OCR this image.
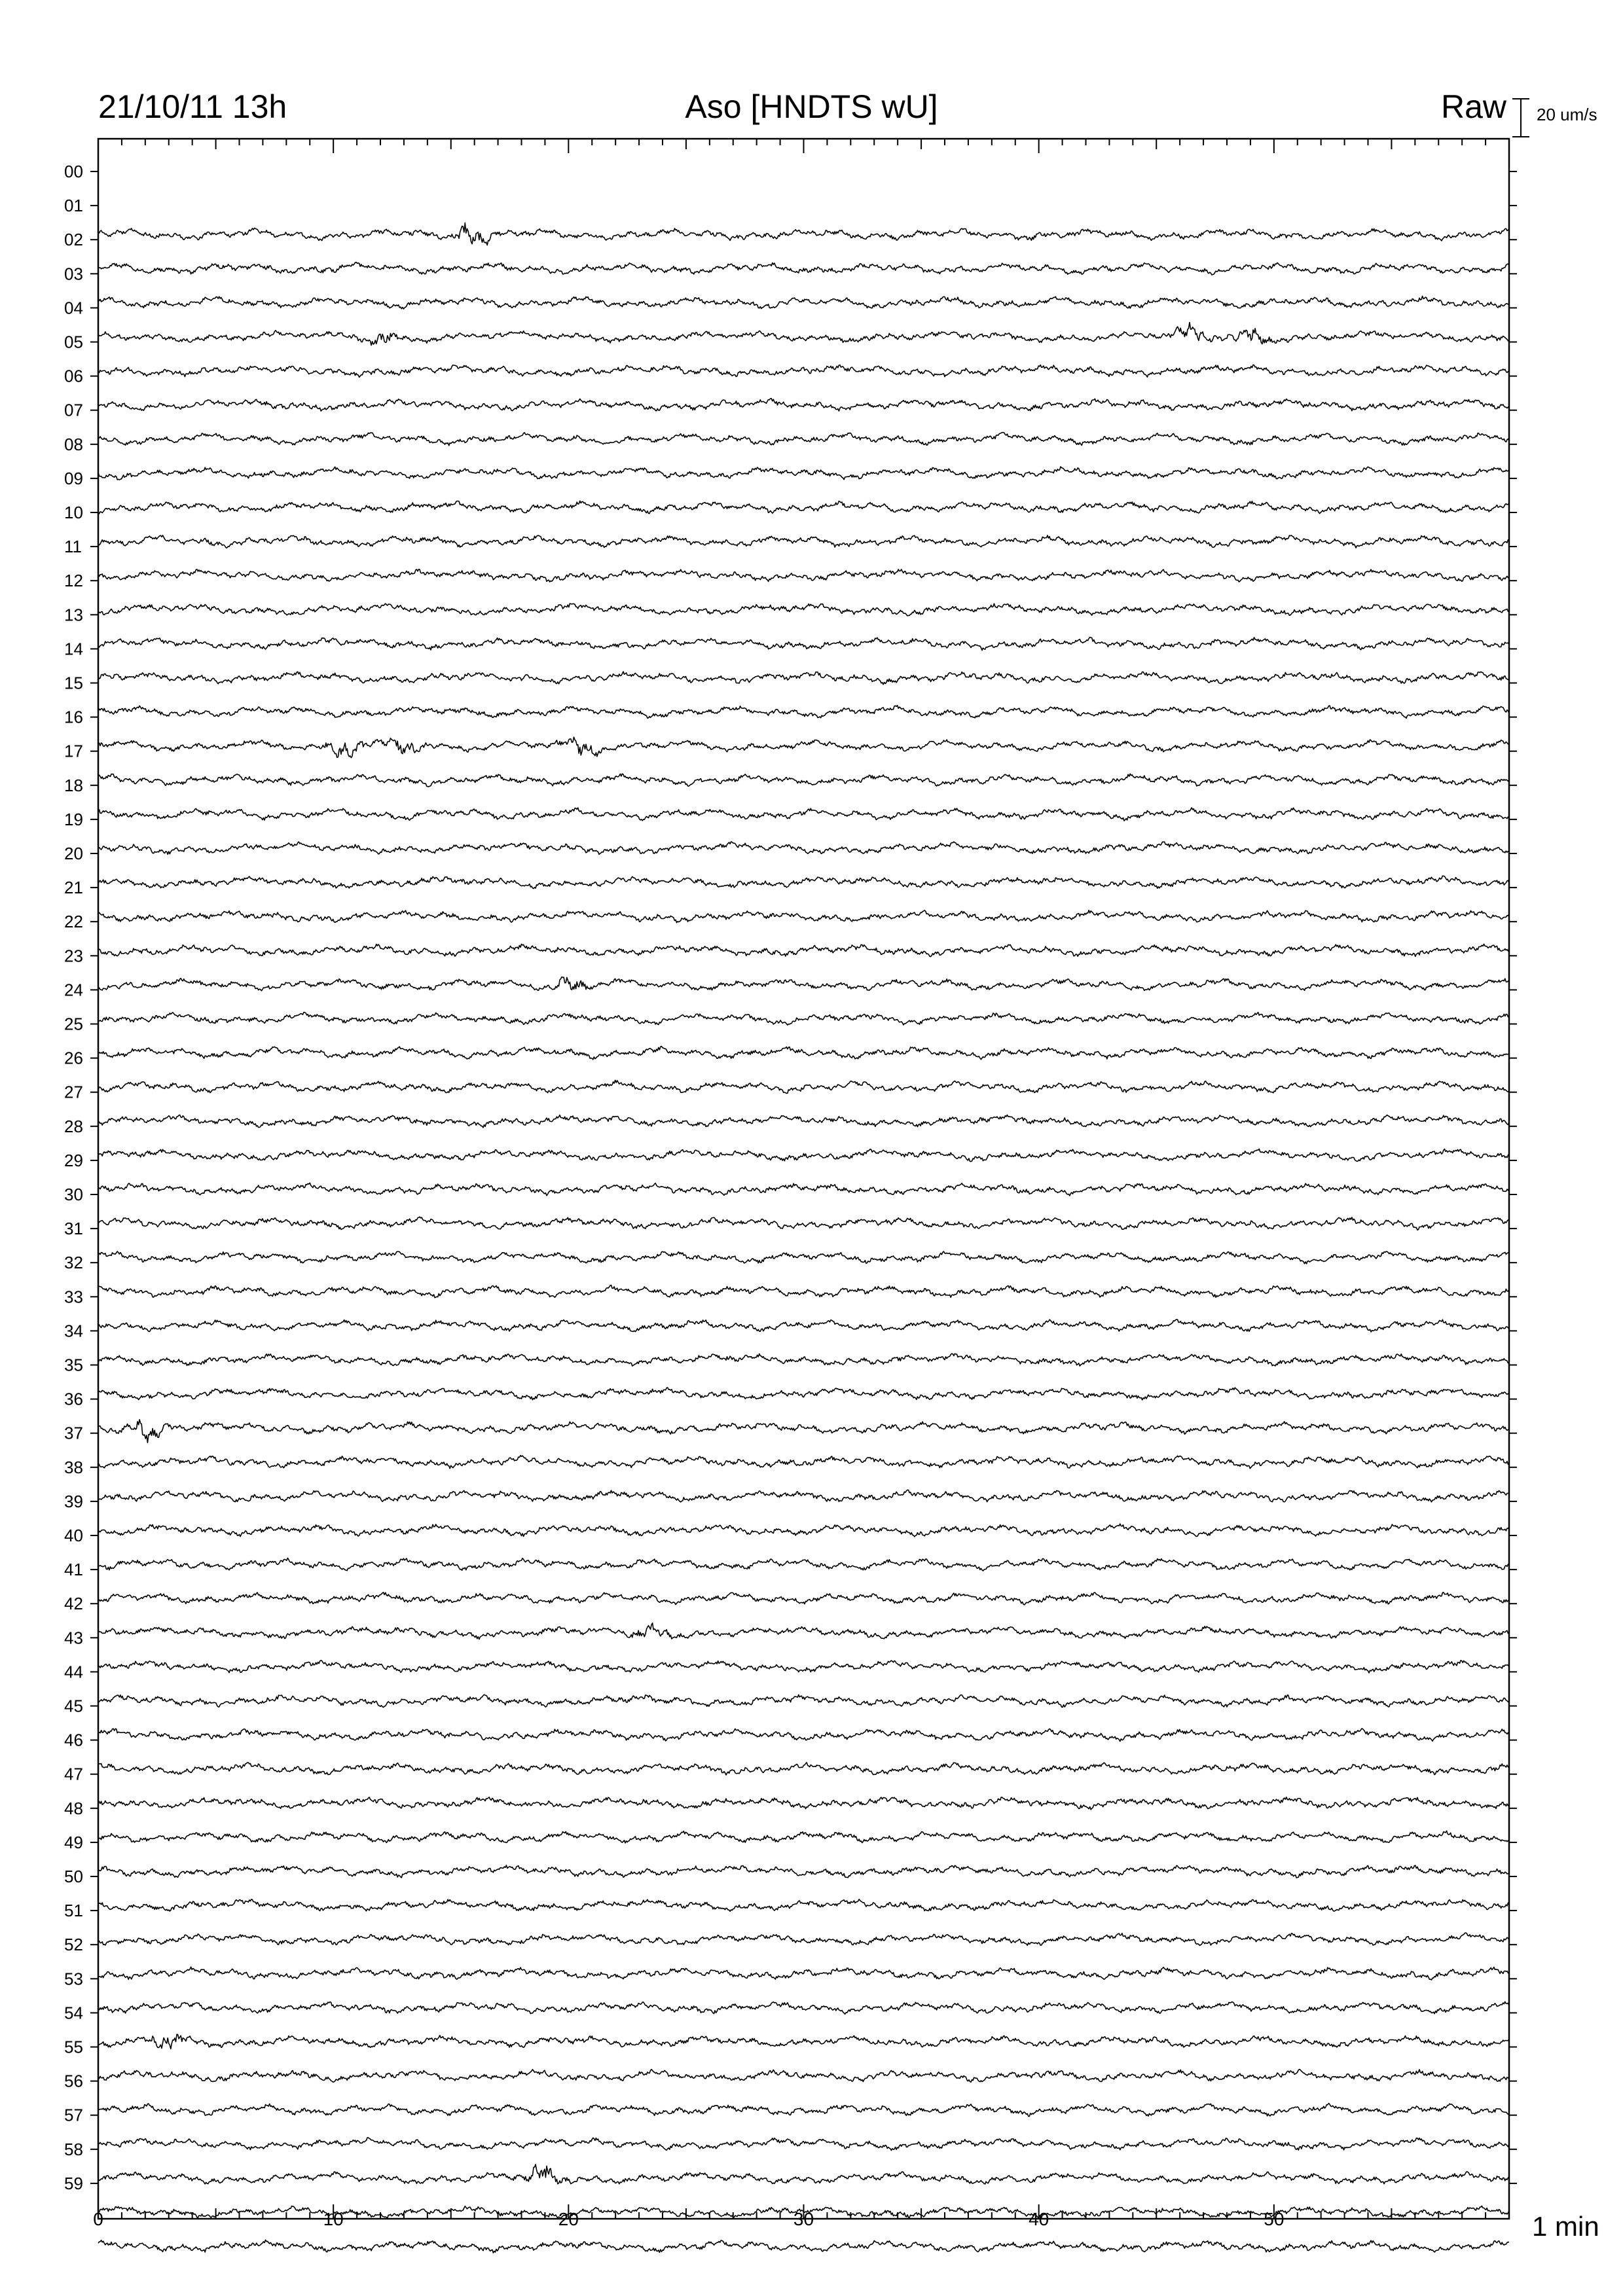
21/10/11 13h	Aso [HNDTS wU]	Raw 20 um/s
1 min
00
01
02
03
04
05
06
07
08
09
10
11
12
13
14
15
16
17
18
19
20
21
22
23
24
25
26
27
28
29
30
31
32
33
34
35
36
37
38
39
40
41
42
43
44
45
46
47
48
49
50
51
52
53
54
55
56
57
58
59
0	10	20	30	40	50
